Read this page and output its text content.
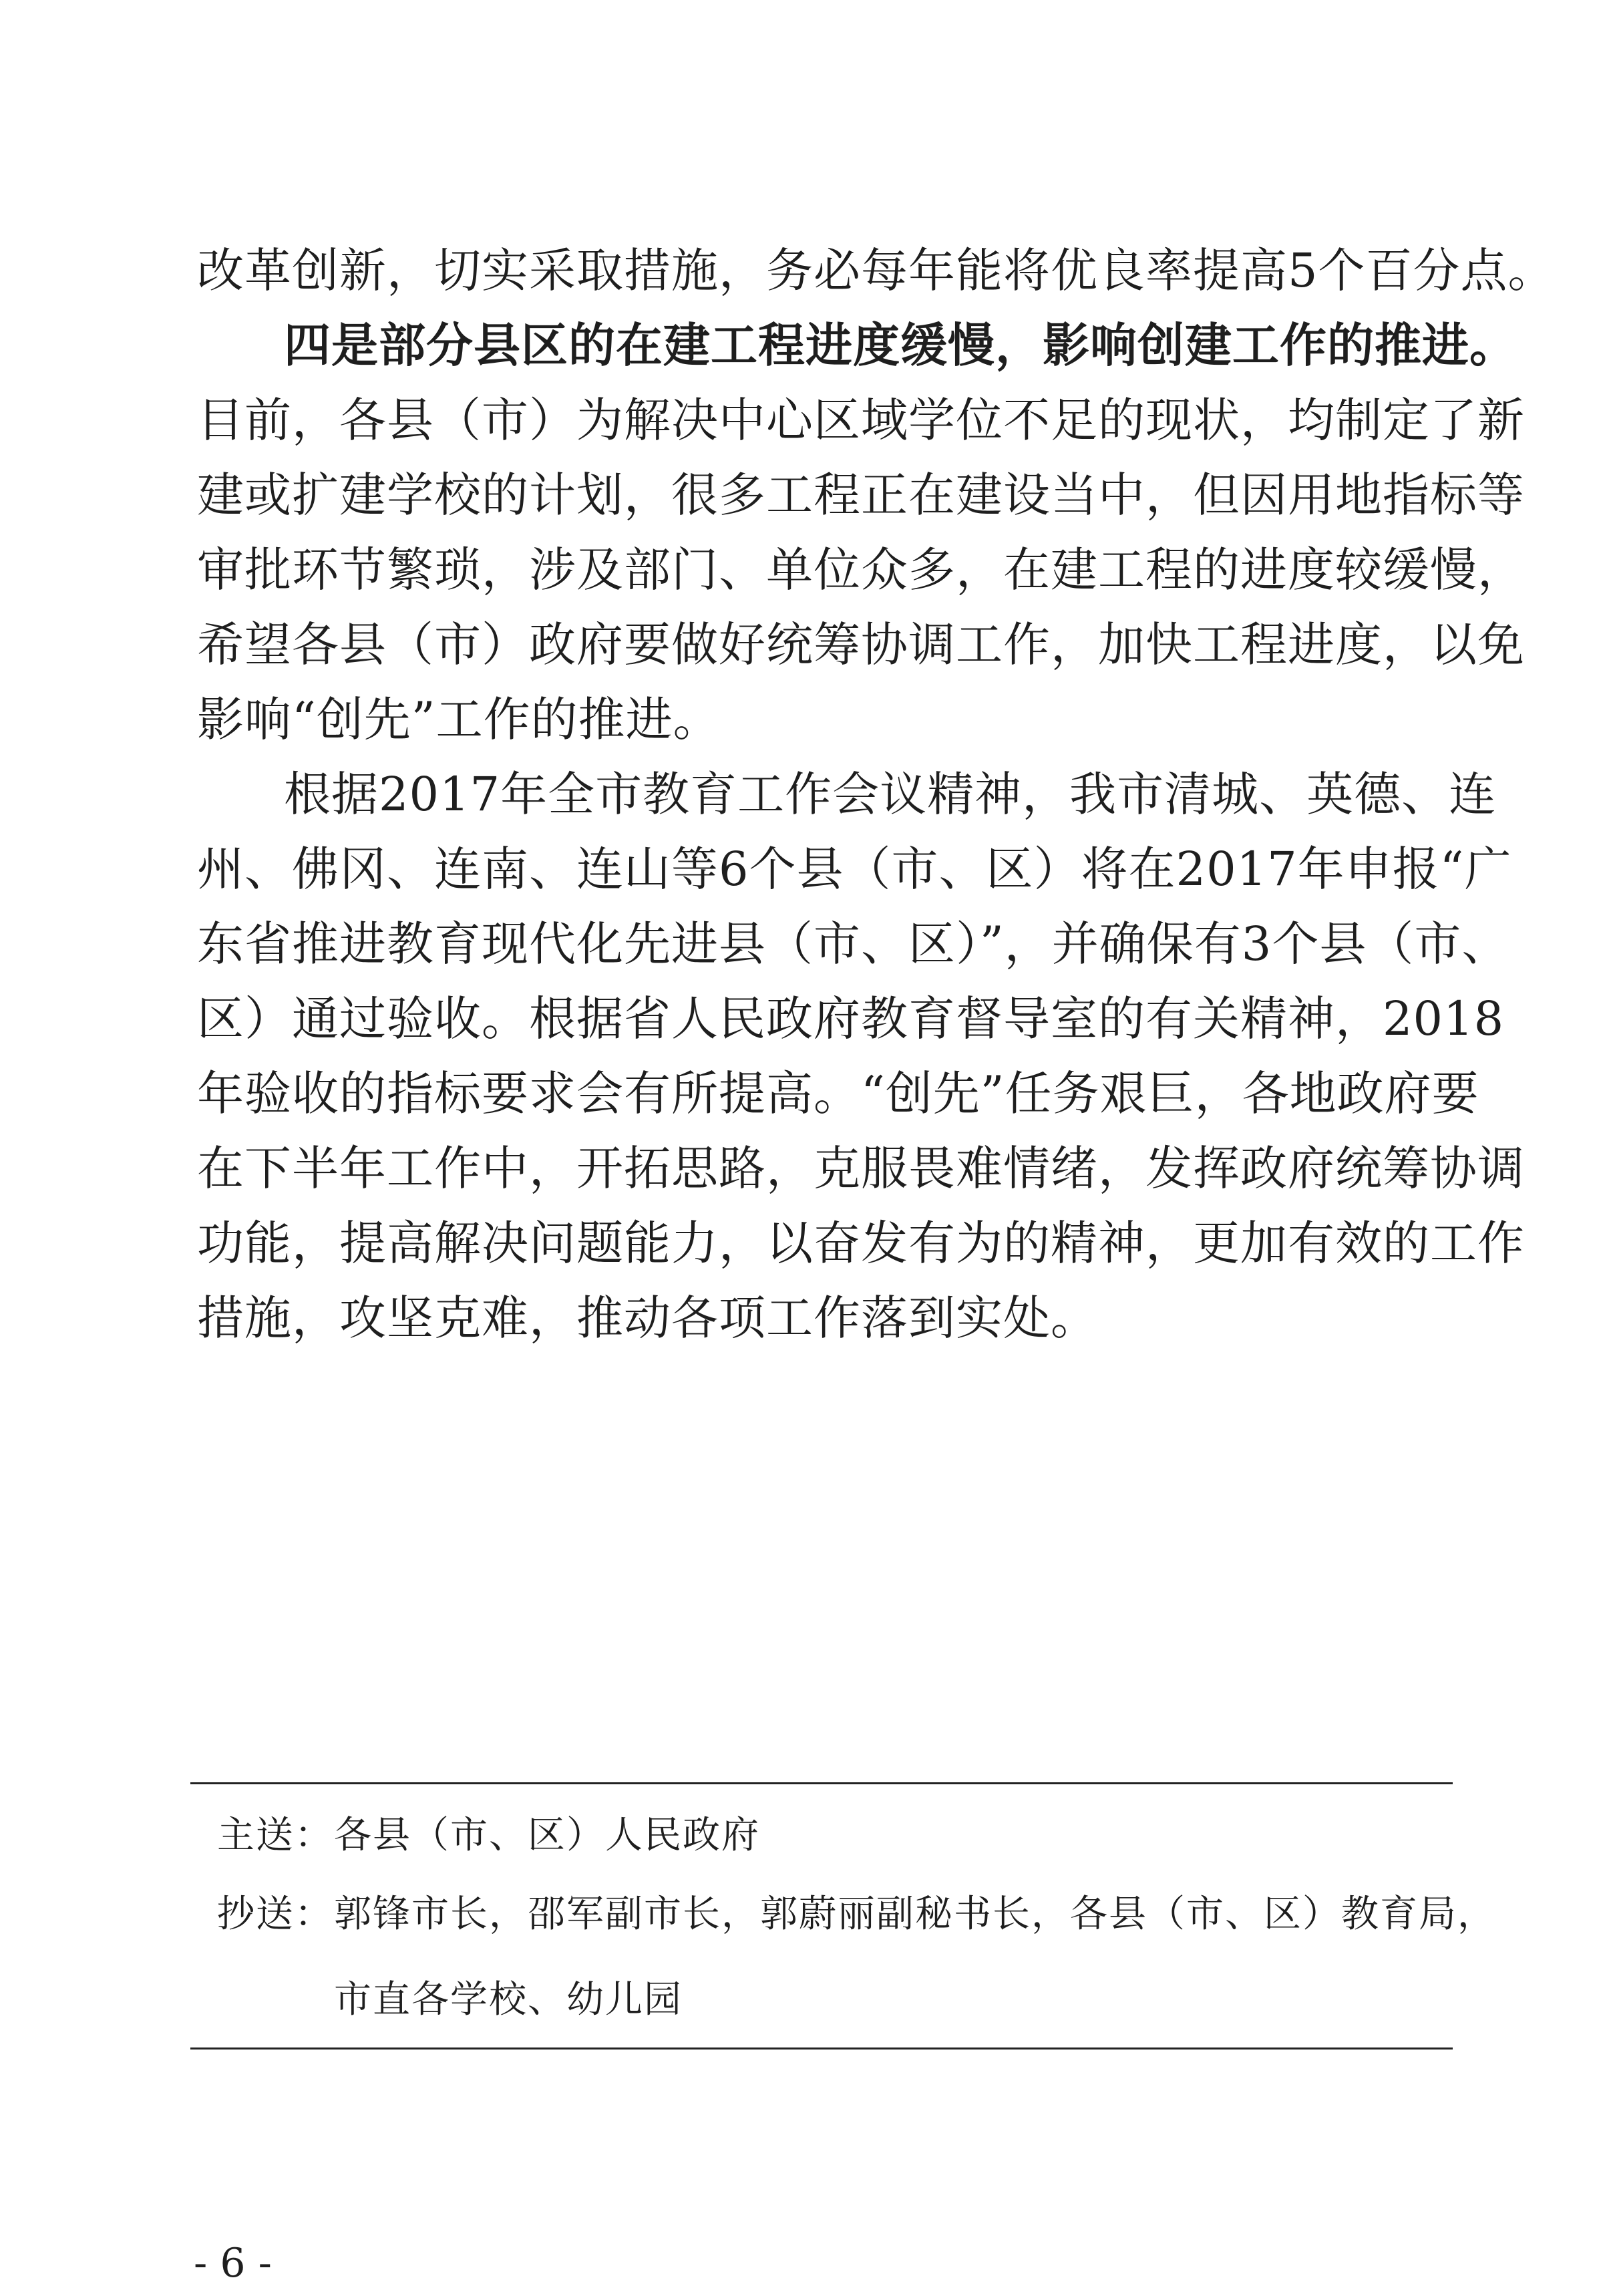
改革创新，切实采取措施，务必每年能将优良率提高5个百分点。
四是部分县区的在建工程进度缓慢，影响创建工作的推进。
目前，各县（市）为解决中心区域学位不足的现状，均制定了新
建或扩建学校的计划，很多工程正在建设当中，但因用地指标等
审批环节繁琐，涉及部门、单位众多，在建工程的进度较缓慢，
希望各县（市）政府要做好统筹协调工作，加快工程进度，以免
影响“创先”工作的推进。
根据2017年全市教育工作会议精神，我市清城、英德、连
州、佛冈、连南、连山等6个县（市、区）将在2017年申报“广
东省推进教育现代化先进县（市、区）”，并确保有3个县（市、
区）通过验收。根据省人民政府教育督导室的有关精神，2018
年验收的指标要求会有所提高。“创先”任务艰巨，各地政府要
在下半年工作中，开拓思路，克服畏难情绪，发挥政府统筹协调
功能，提高解决问题能力，以奋发有为的精神，更加有效的工作
措施，攻坚克难，推动各项工作落到实处。
主送： 各县（市、区）人民政府
抄送： 郭锋市长，邵军副市长，郭蔚丽副秘书长，各县（市、区）教育局，
市直各学校、幼儿园
- 6 -
